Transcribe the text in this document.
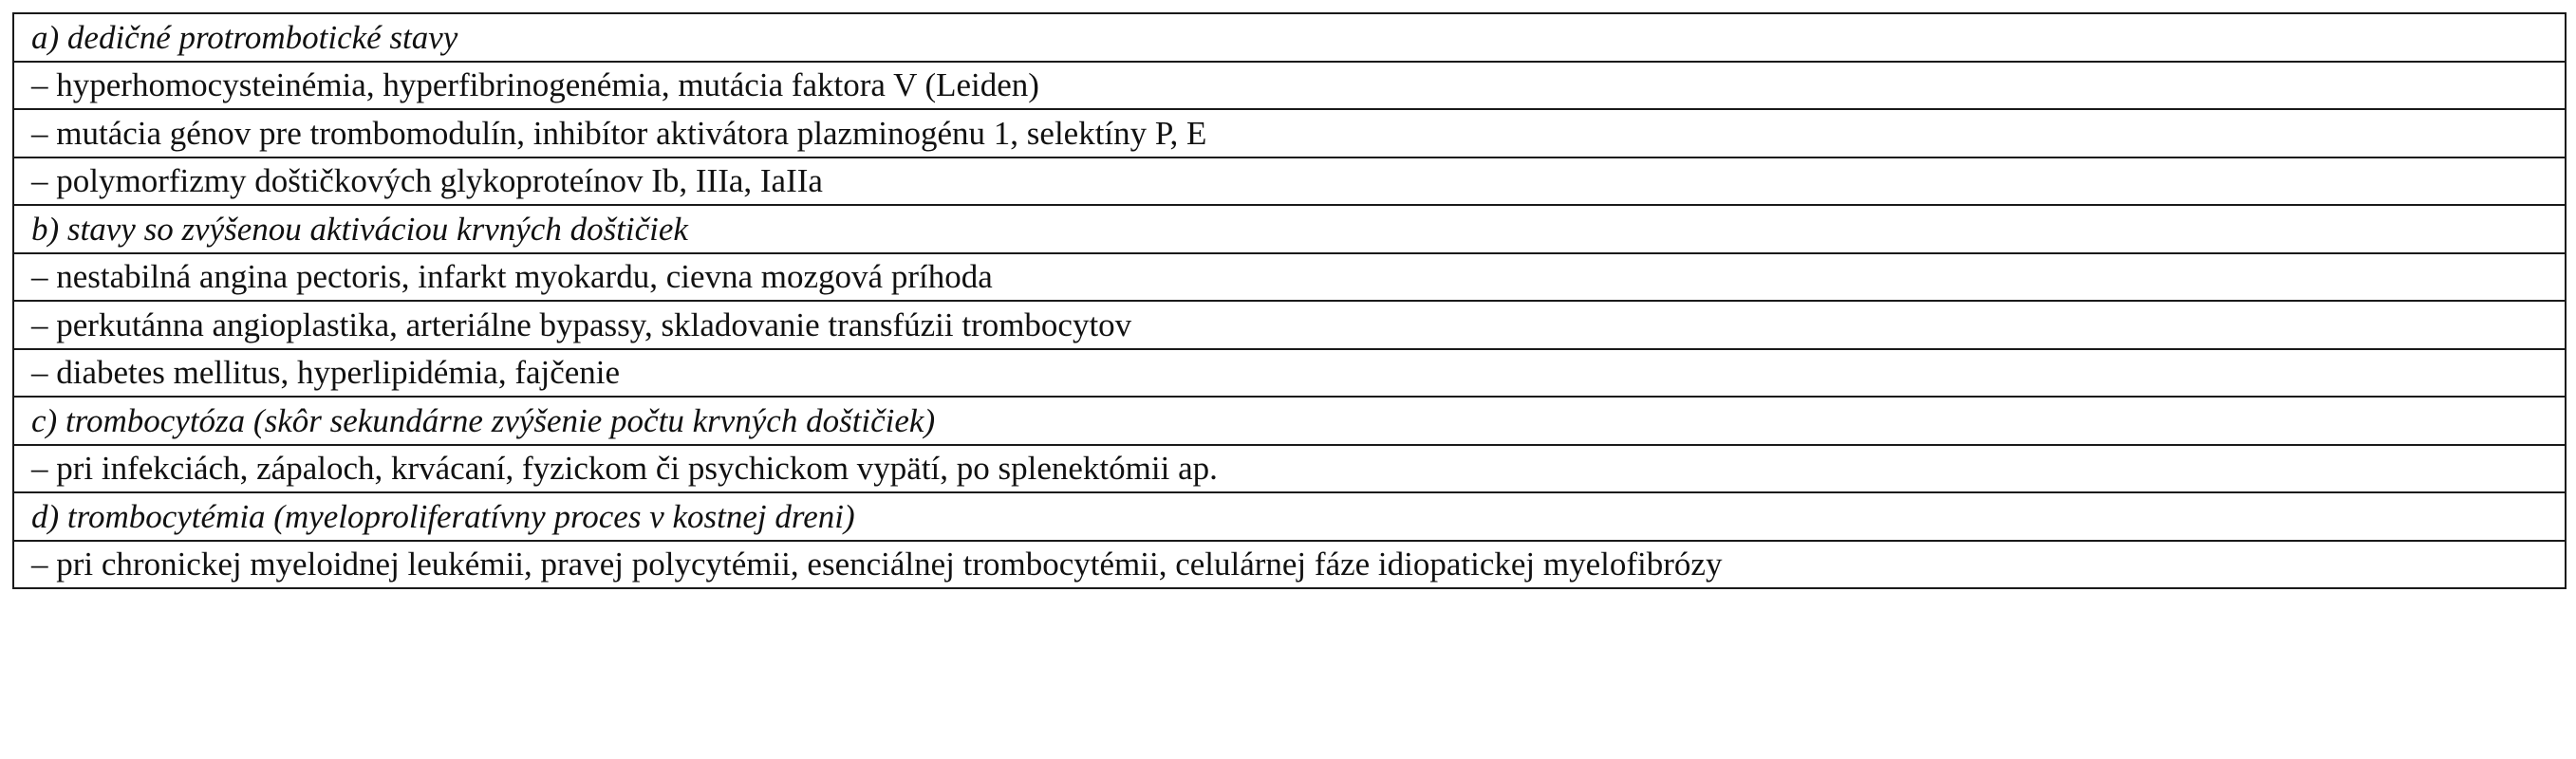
a) dedičné protrombotické stavy
– hyperhomocysteinémia, hyperfibrinogenémia, mutácia faktora V (Leiden)
– mutácia génov pre trombomodulín, inhibítor aktivátora plazminogénu 1, selektíny P, E
– polymorfizmy doštičkových glykoproteínov Ib, IIIa, IaIIa
b) stavy so zvýšenou aktiváciou krvných doštičiek
– nestabilná angina pectoris, infarkt myokardu, cievna mozgová príhoda
– perkutánna angioplastika, arteriálne bypassy, skladovanie transfúzii trombocytov
– diabetes mellitus, hyperlipidémia, fajčenie
c) trombocytóza (skôr sekundárne zvýšenie počtu krvných doštičiek)
– pri infekciách, zápaloch, krvácaní, fyzickom či psychickom vypätí, po splenektómii ap.
d) trombocytémia (myeloproliferatívny proces v kostnej dreni)
– pri chronickej myeloidnej leukémii, pravej polycytémii, esenciálnej trombocytémii, celulárnej fáze idiopatickej myelofibrózy
